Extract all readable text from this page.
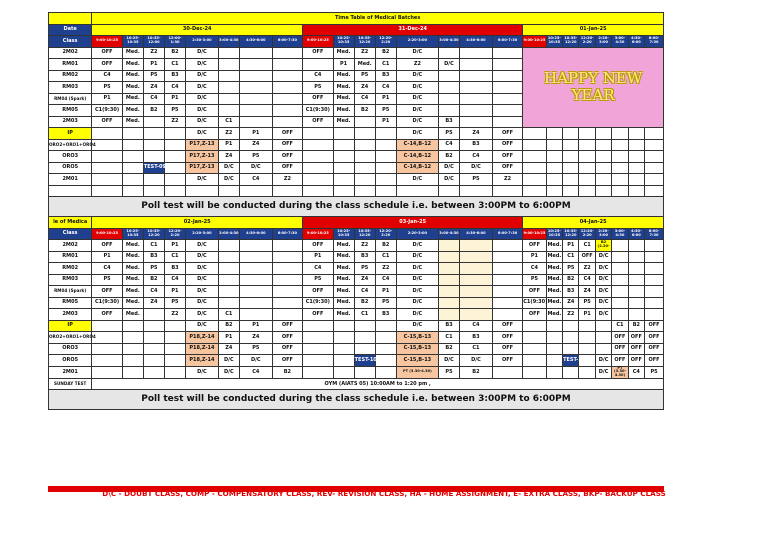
	Time Table of Medical Batches																							
Date	30-Dec-24								31-Dec-24								01-Jan-25							
Class	9:00-10:25	10:25-10:35	10:35-12:00	12:00-1:30	2:30-3:00	3:00-4:30	4:30-6:00	6:00-7:30	9:00-10:25	10:25-10:35	10:35-12:20	12:20-2:20	2:20-3:00	3:00-4:30	4:30-6:00	6:00-7:30	9:00-10:25	10:25-10:35	10:35-12:20	12:20-2:20	2:20-3:00	3:00-4:30	4:30-6:00	6:00-7:30
2M02	OFF	Med.	Z2	B2	D/C				OFF	Med.	Z2	B2	D/C				HAPPY NEW YEAR							
RM01	OFF	Med.	P1	C1	D/C					P1	Med.	C1	Z2	D/C										
RM02	C4	Med.	P5	B3	D/C				C4	Med.	P5	B3	D/C											
RM03	P5	Med.	Z4	C4	D/C				P5	Med.	Z4	C4	D/C											
RM04 (Spark)	P1	Med.	C4	P1	D/C				OFF	Med.	C4	P1	D/C											
RM05	C1(9:30)	Med.	B2	P5	D/C				C1(9:30)	Med.	B2	P5	D/C											
2M03	OFF	Med.		Z2	D/C	C1			OFF	Med.		P1	D/C	B3										
IP					D/C	Z2	P1	OFF					D/C	P5	Z4	OFF								
ORO2+ORO1+ORO4					P17,Z-13	P1	Z4	OFF					C-14,B-12	C4	B3	OFF								
ORO3					P17,Z-13	Z4	P5	OFF					C-14,B-12	B2	C4	OFF								
ORO5			TEST-09		P17,Z-13	D/C	D/C	OFF					C-14,B-12	D/C	D/C	OFF								
2M01					D/C	D/C	C4	Z2					D/C	D/C	P5	Z2								

Poll test will be conducted during the class schedule i.e. between 3:00PM to 6:00PM																								
le of Medica	02-Jan-25								03-Jan-25								04-Jan-25							
Class	9:00-10:25	10:25-10:35	10:35-12:20	12:20-2:20	2:20-3:00	3:00-4:30	4:30-6:00	6:00-7:30	9:00-10:25	10:25-10:35	10:35-12:20	12:20-2:20	2:20-3:00	3:00-4:30	4:30-6:00	6:00-7:30	9:00-10:25	10:25-10:35	10:35-12:20	12:20-2:20	2:20-3:00	3:00-4:30	4:30-6:00	6:00-7:30
2M02	OFF	Med.	C1	P1	D/C				OFF	Med.	Z2	B2	D/C				OFF	Med.	P1	C1	B2 (2.20-			
RM01	P1	Med.	B3	C1	D/C				P1	Med.	B3	C1	D/C				P1	Med.	C1	OFF	D/C			
RM02	C4	Med.	P5	B3	D/C				C4	Med.	P5	Z2	D/C				C4	Med.	P5	Z2	D/C			
RM03	P5	Med.	B2	C4	D/C				P5	Med.	Z4	C4	D/C				P5	Med.	B2	C4	D/C			
RM04 (Spark)	OFF	Med.	C4	P1	D/C				OFF	Med.	C4	P1	D/C				OFF	Med.	B3	Z4	D/C			
RM05	C1(9:30)	Med.	Z4	P5	D/C				C1(9:30)	Med.	B2	P5	D/C				C1(9:30)	Med.	Z4	P5	D/C			
2M03	OFF	Med.		Z2	D/C	C1			OFF	Med.	C1	B3	D/C				OFF	Med.	Z2	P1	D/C			
IP					D/C	B2	P1	OFF					D/C	B3	C4	OFF						C1	B2	OFF
ORO2+ORO1+ORO4					P18,Z-14	P1	Z4	OFF					C-15,B-13	C1	B3	OFF						OFF	OFF	OFF
ORO3					P18,Z-14	Z4	P5	OFF					C-15,B-13	B2	C1	OFF						OFF	OFF	OFF
ORO5					P18,Z-14	D/C	D/C	OFF			TEST-10		C-15,B-13	D/C	D/C	OFF			TEST-11		D/C	OFF	OFF	OFF
2M01					D/C	D/C	C4	B2					PT (3.30-4.30)	P5	B2						D/C	PT (3.30-4.30)	C4	P5
SUNDAY TEST	OYM (AIATS 05) 10:00AM to 1:20 pm ,																							
Poll test will be conducted during the class schedule i.e. between 3:00PM to 6:00PM																								
D\C - DOUBT CLASS, COMP - COMPENSATORY CLASS, REV- REVISION CLASS, HA - HOME ASSIGNMENT, E- EXTRA CLASS, BKP- BACKUP CLASS
